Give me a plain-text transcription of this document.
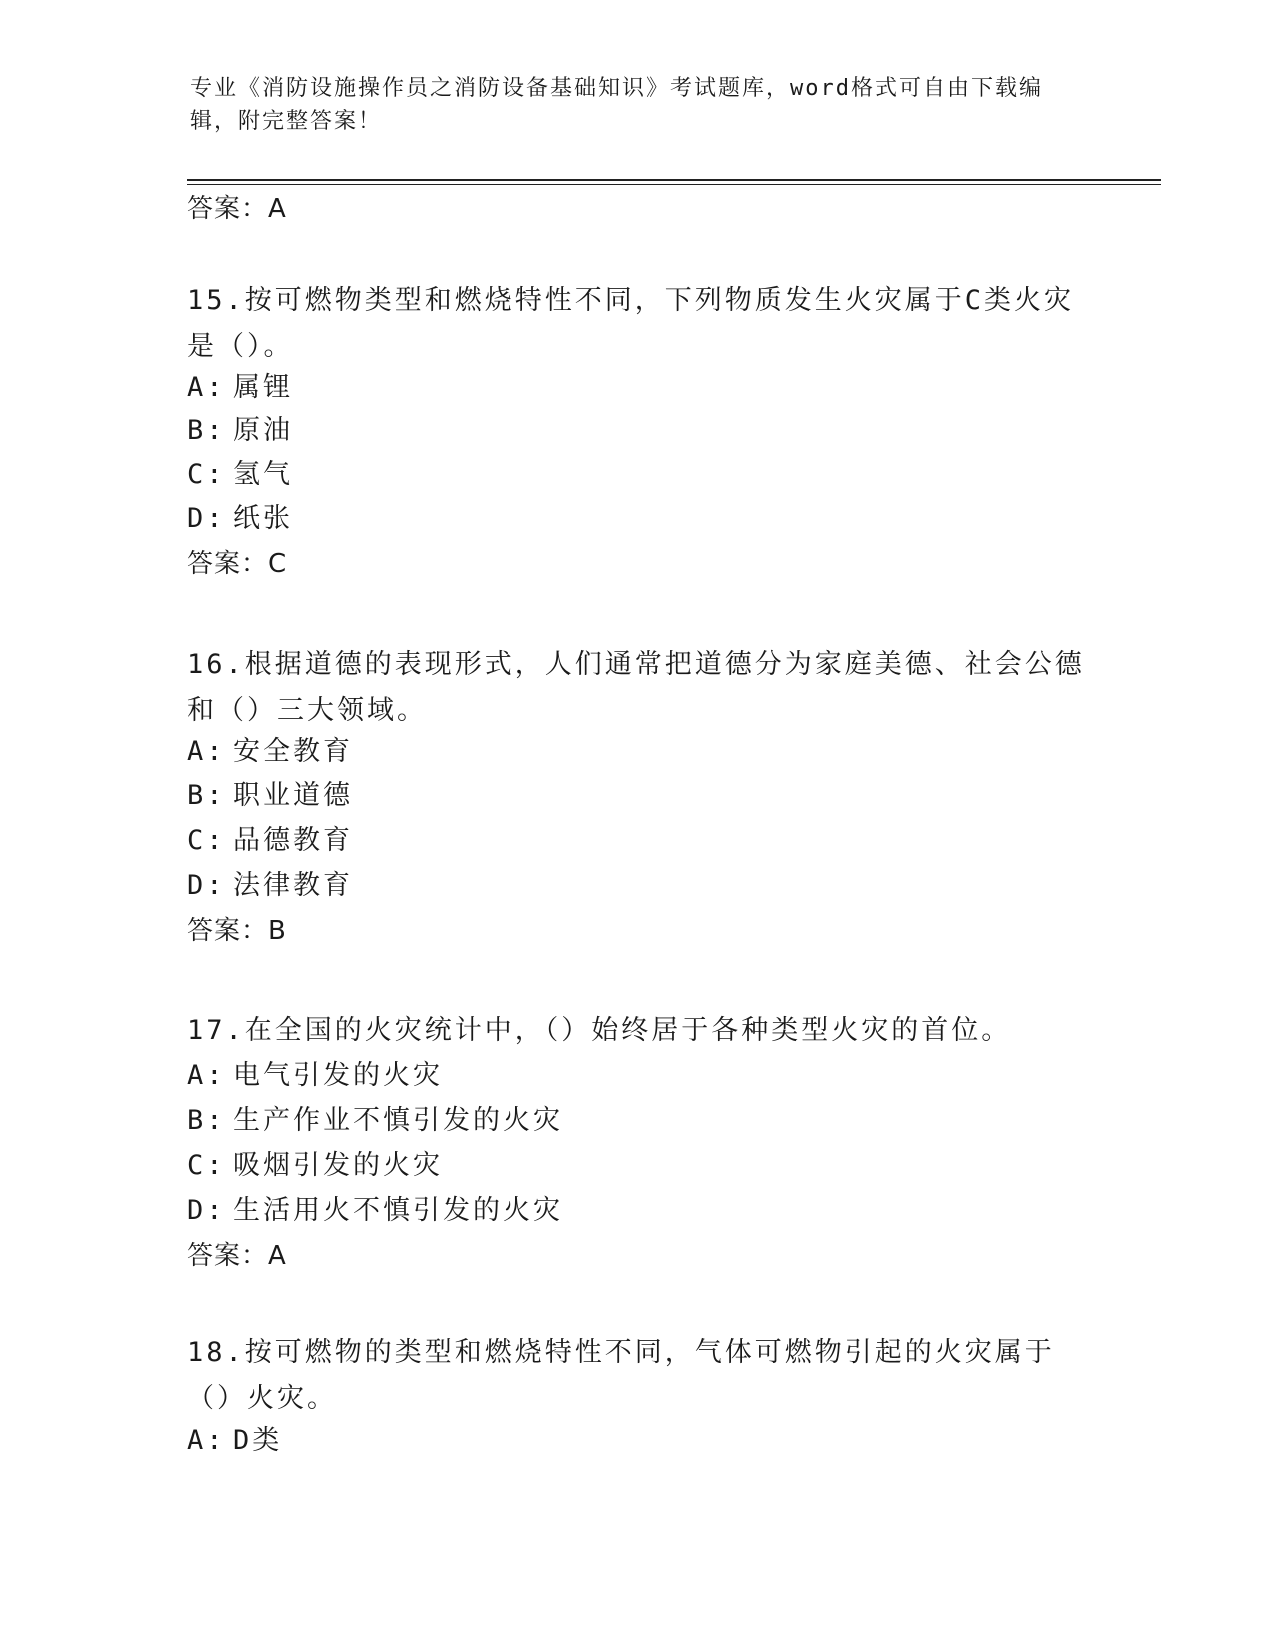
专业《消防设施操作员之消防设备基础知识》考试题库，word格式可自由下载编辑，附完整答案！
答案：A
15.按可燃物类型和燃烧特性不同，下列物质发生火灾属于C类火灾是（）。
A: 属锂
B: 原油
C: 氢气
D: 纸张
答案：C
16.根据道德的表现形式，人们通常把道德分为家庭美德、社会公德和（）三大领域。
A: 安全教育
B: 职业道德
C: 品德教育
D: 法律教育
答案：B
17.在全国的火灾统计中，（）始终居于各种类型火灾的首位。
A: 电气引发的火灾
B: 生产作业不慎引发的火灾
C: 吸烟引发的火灾
D: 生活用火不慎引发的火灾
答案：A
18.按可燃物的类型和燃烧特性不同，气体可燃物引起的火灾属于（）火灾。
A: D类
